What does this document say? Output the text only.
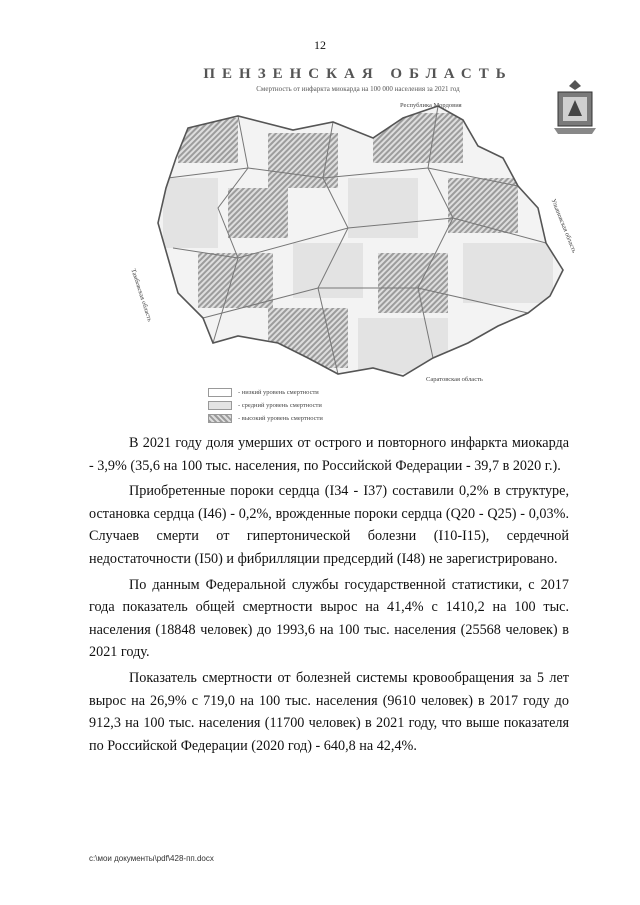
12
ПЕНЗЕНСКАЯ ОБЛАСТЬ
Смертность от инфаркта миокарда на 100 000 населения за 2021 год
Республика Мордовия
Ульяновская область
Тамбовская область
Саратовская область
- низкий уровень смертности
- средний уровень смертности
- высокий уровень смертности

В 2021 году доля умерших от острого и повторного инфаркта миокарда - 3,9% (35,6 на 100 тыс. населения, по Российской Федерации - 39,7 в 2020 г.).

Приобретенные пороки сердца (I34 - I37) составили 0,2% в структуре, остановка сердца (I46) - 0,2%, врожденные пороки сердца (Q20 - Q25) - 0,03%. Случаев смерти от гипертонической болезни (I10-I15), сердечной недостаточности (I50) и фибрилляции предсердий (I48) не зарегистрировано.

По данным Федеральной службы государственной статистики, с 2017 года показатель общей смертности вырос на 41,4% с 1410,2 на 100 тыс. населения (18848 человек) до 1993,6 на 100 тыс. населения (25568 человек) в 2021 году.

Показатель смертности от болезней системы кровообращения за 5 лет вырос на 26,9% с 719,0 на 100 тыс. населения (9610 человек) в 2017 году до 912,3 на 100 тыс. населения (11700 человек) в 2021 году, что выше показателя по Российской Федерации (2020 год) - 640,8 на 42,4%.

c:\мои документы\pdf\428-пп.docx
